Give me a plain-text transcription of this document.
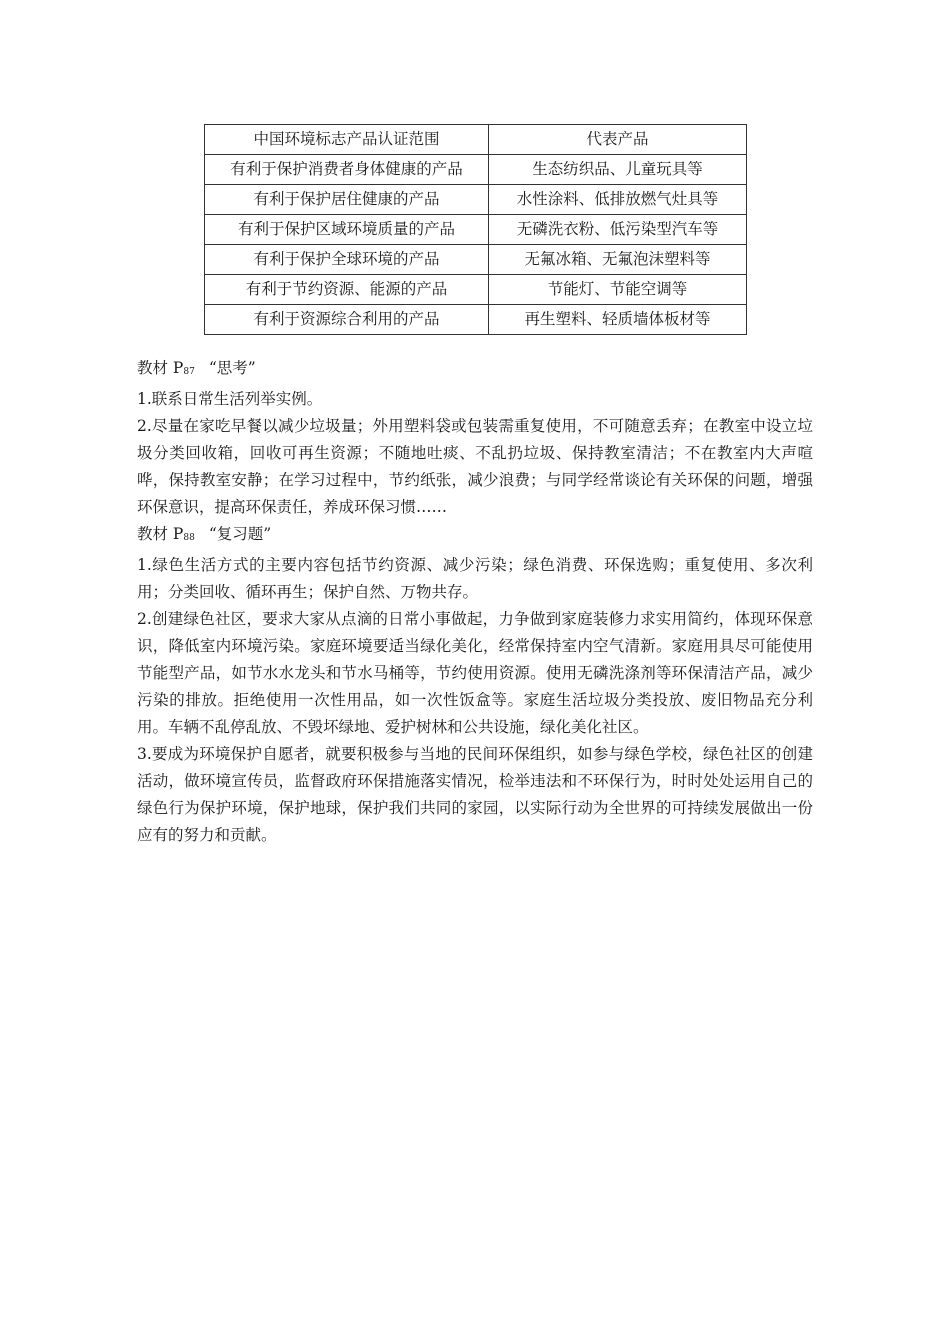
中国环境标志产品认证范围	代表产品
有利于保护消费者身体健康的产品	生态纺织品、儿童玩具等
有利于保护居住健康的产品	水性涂料、低排放燃气灶具等
有利于保护区域环境质量的产品	无磷洗衣粉、低污染型汽车等
有利于保护全球环境的产品	无氟冰箱、无氟泡沫塑料等
有利于节约资源、能源的产品	节能灯、节能空调等
有利于资源综合利用的产品	再生塑料、轻质墙体板材等

教材 $P_{87}$ “思考”

1.联系日常生活列举实例。

2.尽量在家吃早餐以减少垃圾量；外用塑料袋或包装需重复使用，不可随意丢弃；在教室中设立垃圾分类回收箱，回收可再生资源；不随地吐痰、不乱扔垃圾、保持教室清洁；不在教室内大声喧哗，保持教室安静；在学习过程中，节约纸张，减少浪费；与同学经常谈论有关环保的问题，增强环保意识，提高环保责任，养成环保习惯……

教材 $P_{88}$ “复习题”

1.绿色生活方式的主要内容包括节约资源、减少污染；绿色消费、环保选购；重复使用、多次利用；分类回收、循环再生；保护自然、万物共存。

2.创建绿色社区，要求大家从点滴的日常小事做起，力争做到家庭装修力求实用简约，体现环保意识，降低室内环境污染。家庭环境要适当绿化美化，经常保持室内空气清新。家庭用具尽可能使用节能型产品，如节水水龙头和节水马桶等，节约使用资源。使用无磷洗涤剂等环保清洁产品，减少污染的排放。拒绝使用一次性用品，如一次性饭盒等。家庭生活垃圾分类投放、废旧物品充分利用。车辆不乱停乱放、不毁坏绿地、爱护树林和公共设施，绿化美化社区。

3.要成为环境保护自愿者，就要积极参与当地的民间环保组织，如参与绿色学校，绿色社区的创建活动，做环境宣传员，监督政府环保措施落实情况，检举违法和不环保行为，时时处处运用自己的绿色行为保护环境，保护地球，保护我们共同的家园，以实际行动为全世界的可持续发展做出一份应有的努力和贡献。
